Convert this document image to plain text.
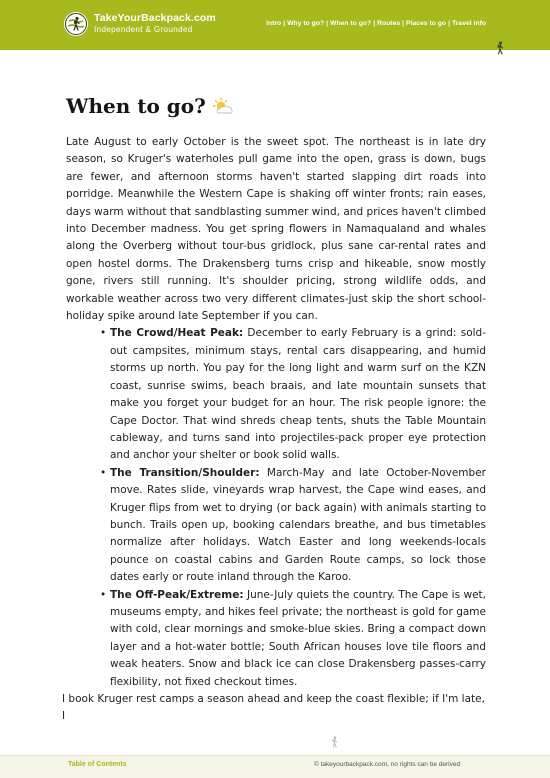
TakeYourBackpack.com
Independent & Grounded
Intro | Why to go? | When to go? | Routes | Places to go | Travel info
When to go?

Late August to early October is the sweet spot. The northeast is in late dry season, so Kruger's waterholes pull game into the open, grass is down, bugs are fewer, and afternoon storms haven't started slapping dirt roads into porridge. Meanwhile the Western Cape is shaking off winter fronts; rain eases, days warm without that sandblasting summer wind, and prices haven't climbed into December madness. You get spring flowers in Namaqualand and whales along the Overberg without tour-bus gridlock, plus sane car-rental rates and open hostel dorms. The Drakensberg turns crisp and hikeable, snow mostly gone, rivers still running. It's shoulder pricing, strong wildlife odds, and workable weather across two very different climates-just skip the short school-holiday spike around late September if you can.

• The Crowd/Heat Peak: December to early February is a grind: sold-out campsites, minimum stays, rental cars disappearing, and humid storms up north. You pay for the long light and warm surf on the KZN coast, sunrise swims, beach braais, and late mountain sunsets that make you forget your budget for an hour. The risk people ignore: the Cape Doctor. That wind shreds cheap tents, shuts the Table Mountain cableway, and turns sand into projectiles-pack proper eye protection and anchor your shelter or book solid walls.
• The Transition/Shoulder: March-May and late October-November move. Rates slide, vineyards wrap harvest, the Cape wind eases, and Kruger flips from wet to drying (or back again) with animals starting to bunch. Trails open up, booking calendars breathe, and bus timetables normalize after holidays. Watch Easter and long weekends-locals pounce on coastal cabins and Garden Route camps, so lock those dates early or route inland through the Karoo.
• The Off-Peak/Extreme: June-July quiets the country. The Cape is wet, museums empty, and hikes feel private; the northeast is gold for game with cold, clear mornings and smoke-blue skies. Bring a compact down layer and a hot-water bottle; South African houses love tile floors and weak heaters. Snow and black ice can close Drakensberg passes-carry flexibility, not fixed checkout times.

I book Kruger rest camps a season ahead and keep the coast flexible; if I'm late, I

Table of Contents	© takeyourbackpack.com, no rights can be derived
